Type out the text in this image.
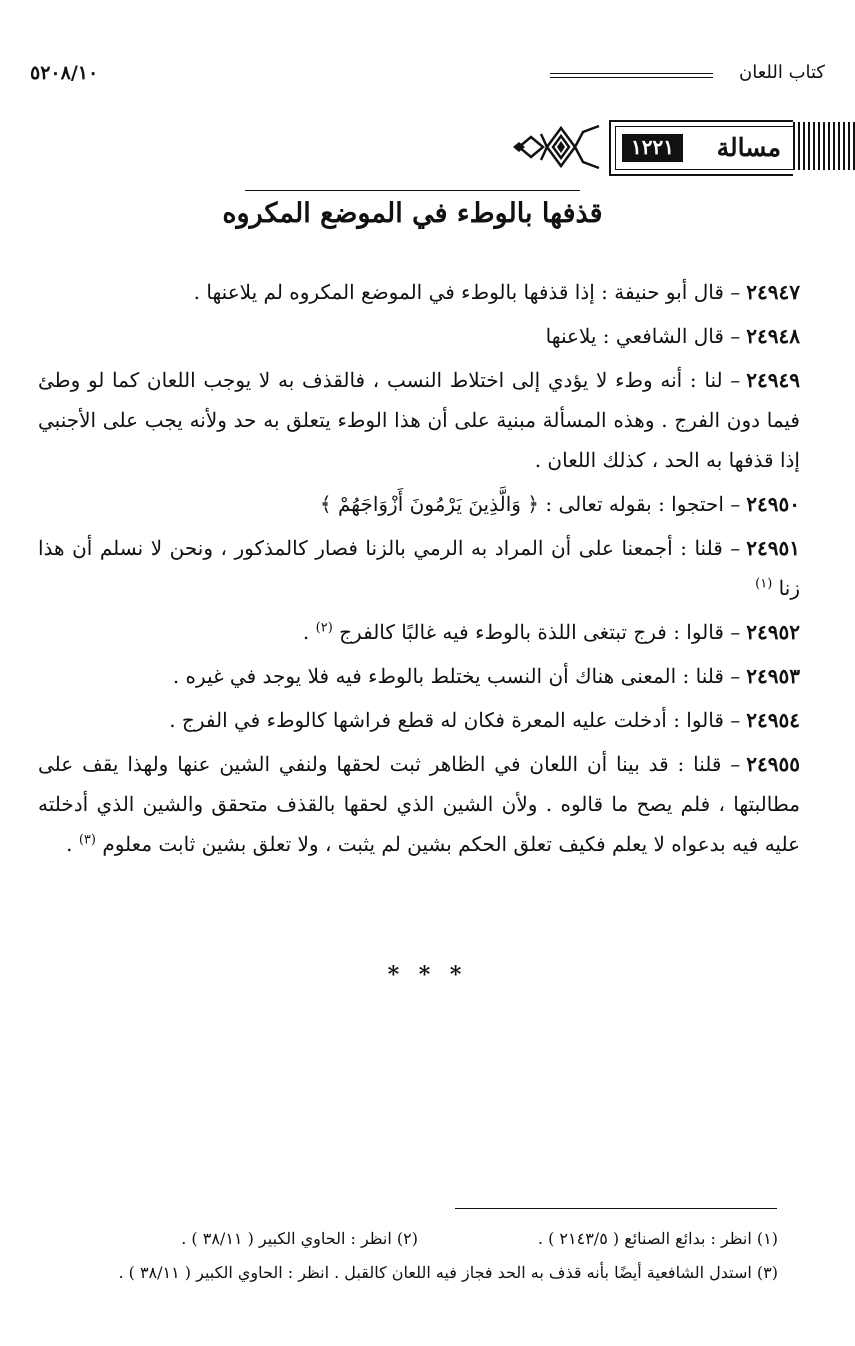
كتاب اللعان
٥٢٠٨/١٠
مسالة
١٢٢١
قذفها بالوطء في الموضع المكروه

٢٤٩٤٧– قال أبو حنيفة : إذا قذفها بالوطء في الموضع المكروه لم يلاعنها .

٢٤٩٤٨– قال الشافعي : يلاعنها

٢٤٩٤٩– لنا : أنه وطء لا يؤدي إلى اختلاط النسب ، فالقذف به لا يوجب اللعان كما لو وطئ فيما دون الفرج . وهذه المسألة مبنية على أن هذا الوطء يتعلق به حد ولأنه يجب على الأجنبي إذا قذفها به الحد ، كذلك اللعان .

٢٤٩٥٠– احتجوا : بقوله تعالى : ﴿ وَالَّذِينَ يَرْمُونَ أَزْوَاجَهُمْ ﴾

٢٤٩٥١– قلنا : أجمعنا على أن المراد به الرمي بالزنا فصار كالمذكور ، ونحن لا نسلم أن هذا زنا $^{(١)}$

٢٤٩٥٢– قالوا : فرج تبتغى اللذة بالوطء فيه غالبًا كالفرج $^{(٢)}$ .

٢٤٩٥٣– قلنا : المعنى هناك أن النسب يختلط بالوطء فيه فلا يوجد في غيره .

٢٤٩٥٤– قالوا : أدخلت عليه المعرة فكان له قطع فراشها كالوطء في الفرج .

٢٤٩٥٥– قلنا : قد بينا أن اللعان في الظاهر ثبت لحقها ولنفي الشين عنها ولهذا يقف على مطالبتها ، فلم يصح ما قالوه . ولأن الشين الذي لحقها بالقذف متحقق والشين الذي أدخلته عليه فيه بدعواه لا يعلم فكيف تعلق الحكم بشين لم يثبت ، ولا تعلق بشين ثابت معلوم $^{(٣)}$ .

* * *
(١) انظر : بدائع الصنائع ( ٢١٤٣/٥ ) .(٢) انظر : الحاوي الكبير ( ٣٨/١١ ) .
(٣) استدل الشافعية أيضًا بأنه قذف به الحد فجاز فيه اللعان كالقبل . انظر : الحاوي الكبير ( ٣٨/١١ ) .
